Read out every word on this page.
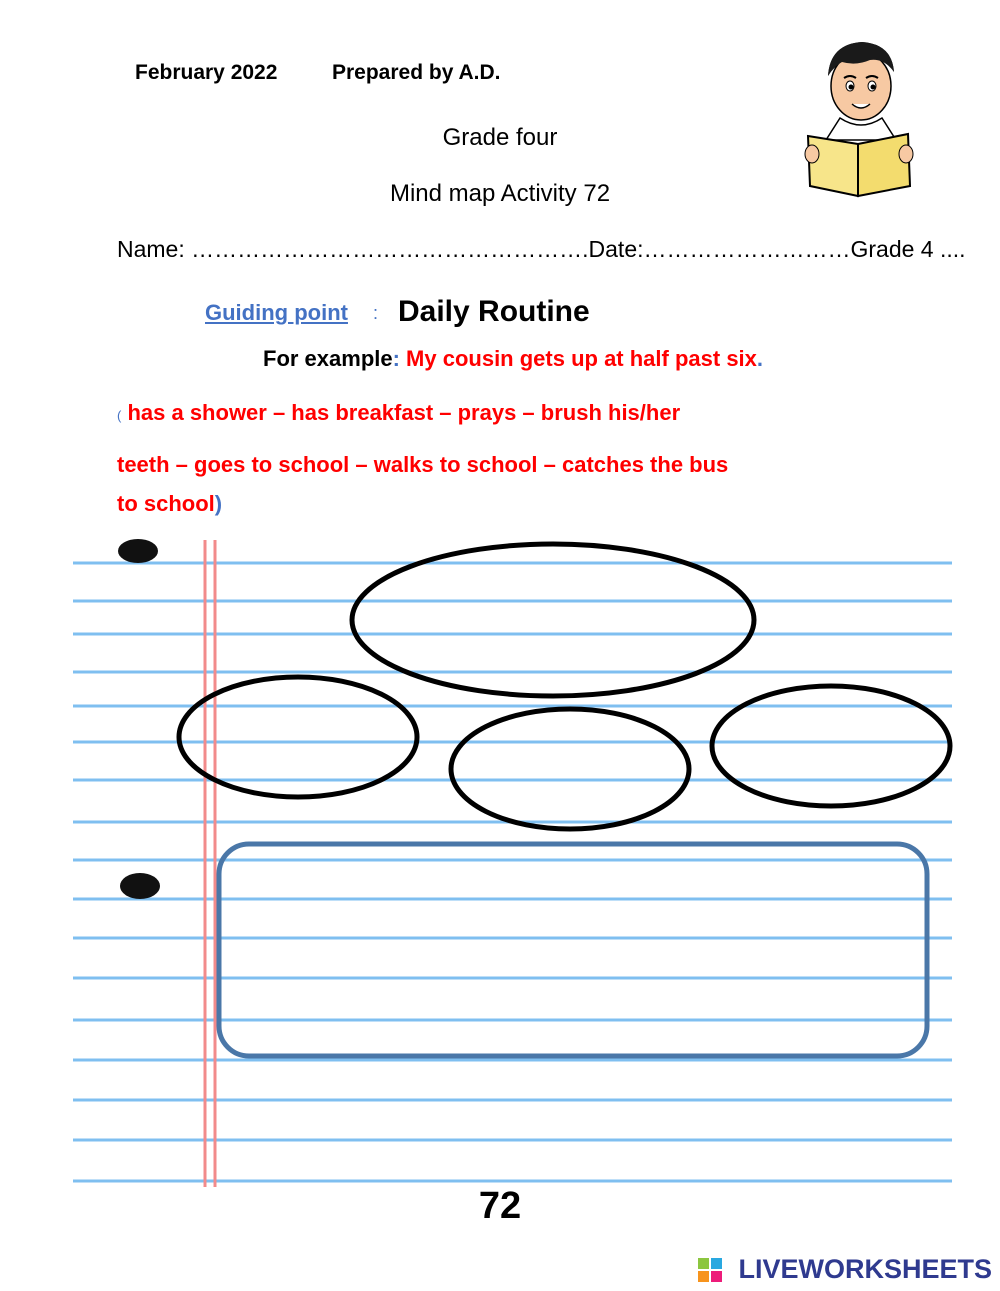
February 2022	Prepared by A.D.
Grade four
Mind map Activity 72
Name: …………………………………………….Date:………………………Grade 4 ....
Guiding point : Daily Routine
For example: My cousin gets up at half past six.
( has a shower – has breakfast – prays – brush his/her
teeth – goes to school – walks to school – catches the bus
to school)
72
LIVEWORKSHEETS
